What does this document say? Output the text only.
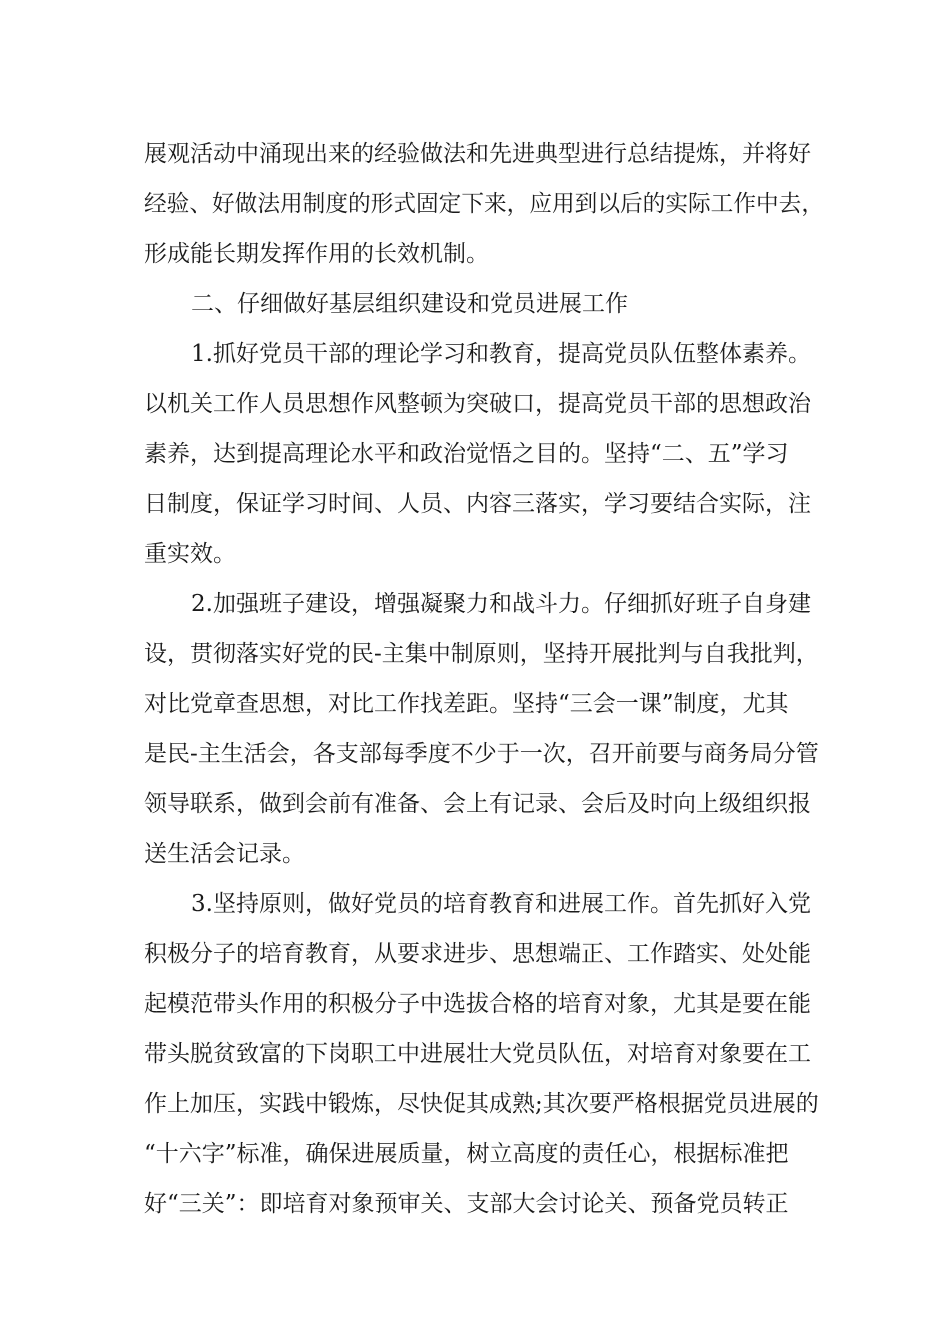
展观活动中涌现出来的经验做法和先进典型进行总结提炼，并将好
经验、好做法用制度的形式固定下来，应用到以后的实际工作中去，
形成能长期发挥作用的长效机制。
二、仔细做好基层组织建设和党员进展工作
1.抓好党员干部的理论学习和教育，提高党员队伍整体素养。
以机关工作人员思想作风整顿为突破口，提高党员干部的思想政治
素养，达到提高理论水平和政治觉悟之目的。坚持“二、五”学习
日制度，保证学习时间、人员、内容三落实，学习要结合实际，注
重实效。
2.加强班子建设，增强凝聚力和战斗力。仔细抓好班子自身建
设，贯彻落实好党的民-主集中制原则，坚持开展批判与自我批判，
对比党章查思想，对比工作找差距。坚持“三会一课”制度，尤其
是民-主生活会，各支部每季度不少于一次，召开前要与商务局分管
领导联系，做到会前有准备、会上有记录、会后及时向上级组织报
送生活会记录。
3.坚持原则，做好党员的培育教育和进展工作。首先抓好入党
积极分子的培育教育，从要求进步、思想端正、工作踏实、处处能
起模范带头作用的积极分子中选拔合格的培育对象，尤其是要在能
带头脱贫致富的下岗职工中进展壮大党员队伍，对培育对象要在工
作上加压，实践中锻炼，尽快促其成熟;其次要严格根据党员进展的
“十六字”标准，确保进展质量，树立高度的责任心，根据标准把
好“三关”：即培育对象预审关、支部大会讨论关、预备党员转正
